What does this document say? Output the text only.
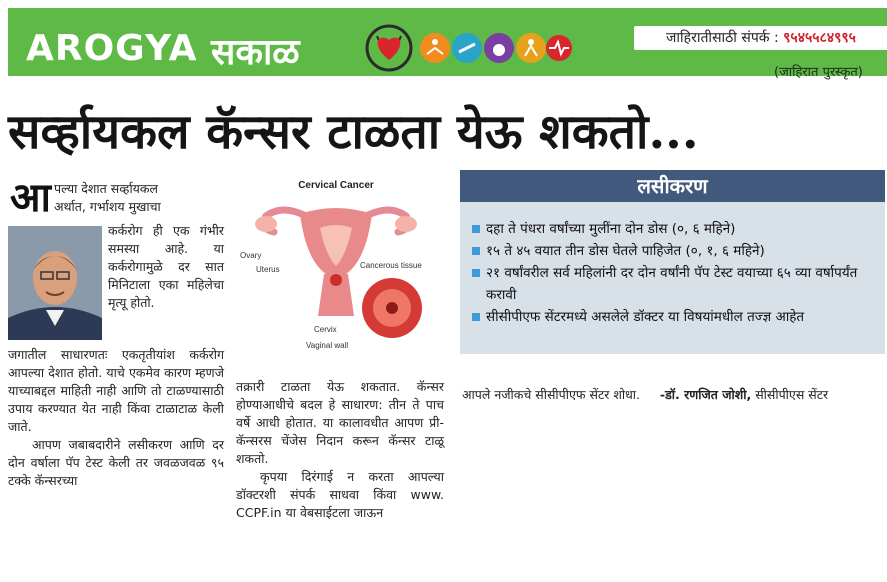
AROGYA सकाळ	जाहिरातीसाठी संपर्क : ९५४५५८४९९५
(जाहिरात पुरस्कृत)
सर्व्हायकल कॅन्सर टाळता येऊ शकतो...
आ पल्या देशात सर्व्हायकल
अर्थात, गर्भाशय मुखाचा

कर्करोग ही एक गंभीर समस्या आहे. या कर्करोगामुळे दर सात मिनिटाला एका महिलेचा मृत्यू होतो.

जगातील साधारणतः एकतृतीयांश कर्करोग आपल्या देशात होतो. याचे एकमेव कारण म्हणजे याच्याबद्दल माहिती नाही आणि तो टाळण्यासाठी उपाय करण्यात येत नाही किंवा टाळाटाळ केली जाते.

आपण जबाबदारीने लसीकरण आणि दर दोन वर्षाला पॅप टेस्ट केली तर जवळजवळ ९५ टक्के कॅन्सरच्या

Cervical Cancer
Ovary
Uterus	Cancerous tissue
Cervix
Vaginal wall

तक्रारी टाळता येऊ शकतात. कॅन्सर होण्याआधीचे बदल हे साधारण: तीन ते पाच वर्षे आधी होतात. या कालावधीत आपण प्री-कॅन्सरस चेंजेस निदान करून कॅन्सर टाळू शकतो.

कृपया दिरंगाई न करता आपल्या डॉक्टरशी संपर्क साधवा किंवा www. CCPF.in या वेबसाईटला जाऊन

लसीकरण
दहा ते पंधरा वर्षांच्या मुलींना दोन डोस (०, ६ महिने)
१५ ते ४५ वयात तीन डोस घेतले पाहिजेत (०, १, ६ महिने)
२१ वर्षांवरील सर्व महिलांनी दर दोन वर्षांनी पॅप टेस्ट वयाच्या ६५ व्या वर्षापर्यंत करावी
सीसीपीएफ सेंटरमध्ये असलेले डॉक्टर या विषयांमधील तज्ज्ञ आहेत
आपले नजीकचे सीसीपीएफ सेंटर शोधा. -डॉ. रणजित जोशी, सीसीपीएस सेंटर
